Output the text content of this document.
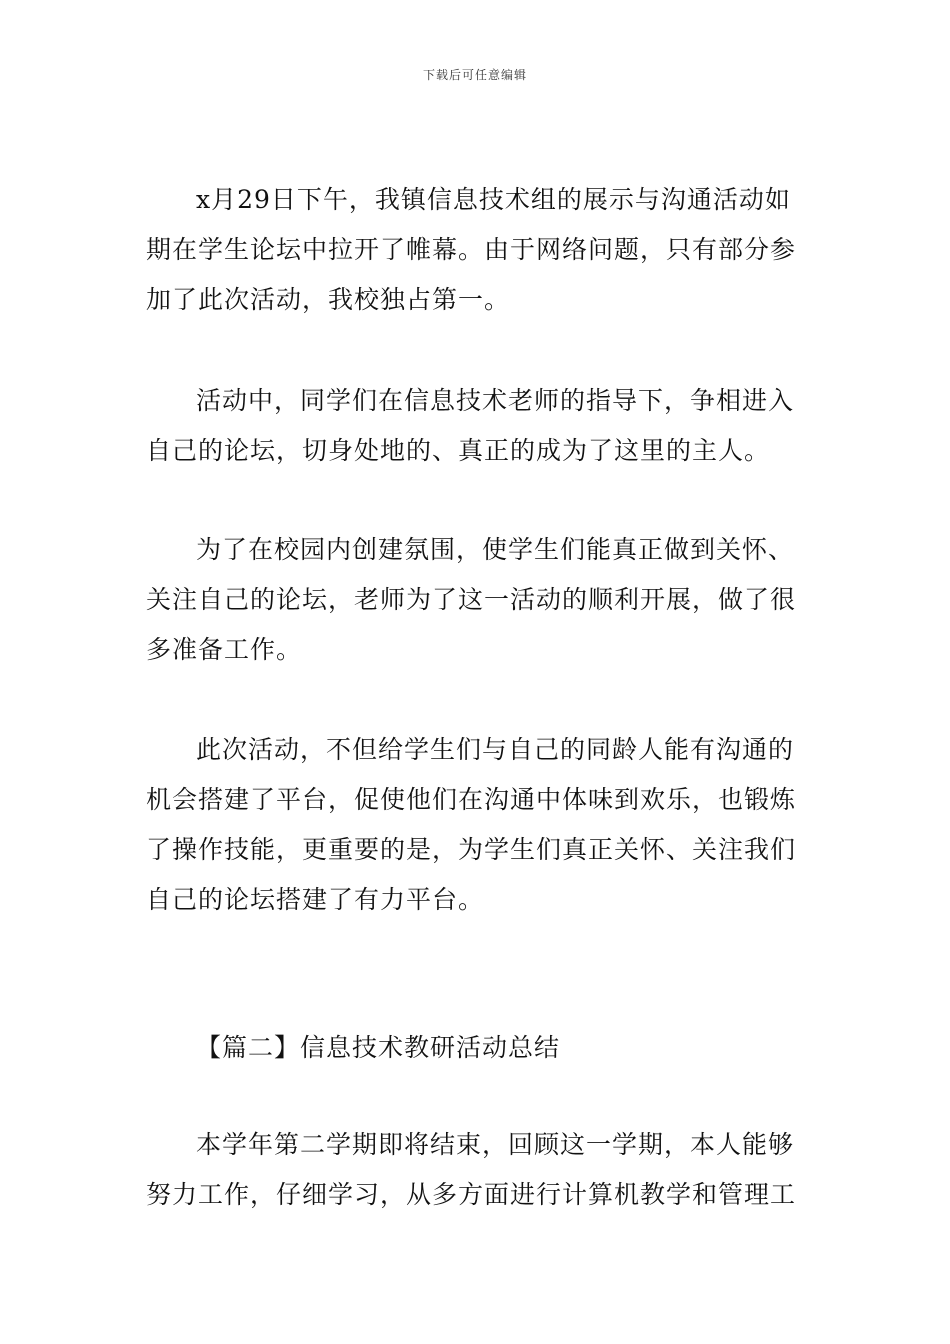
下载后可任意编辑

x月29日下午，我镇信息技术组的展示与沟通活动如期在学生论坛中拉开了帷幕。由于网络问题，只有部分参加了此次活动，我校独占第一。

活动中，同学们在信息技术老师的指导下，争相进入自己的论坛，切身处地的、真正的成为了这里的主人。

为了在校园内创建氛围，使学生们能真正做到关怀、关注自己的论坛，老师为了这一活动的顺利开展，做了很多准备工作。

此次活动，不但给学生们与自己的同龄人能有沟通的机会搭建了平台，促使他们在沟通中体味到欢乐，也锻炼了操作技能，更重要的是，为学生们真正关怀、关注我们自己的论坛搭建了有力平台。

【篇二】信息技术教研活动总结

本学年第二学期即将结束，回顾这一学期，本人能够努力工作，仔细学习，从多方面进行计算机教学和管理工
